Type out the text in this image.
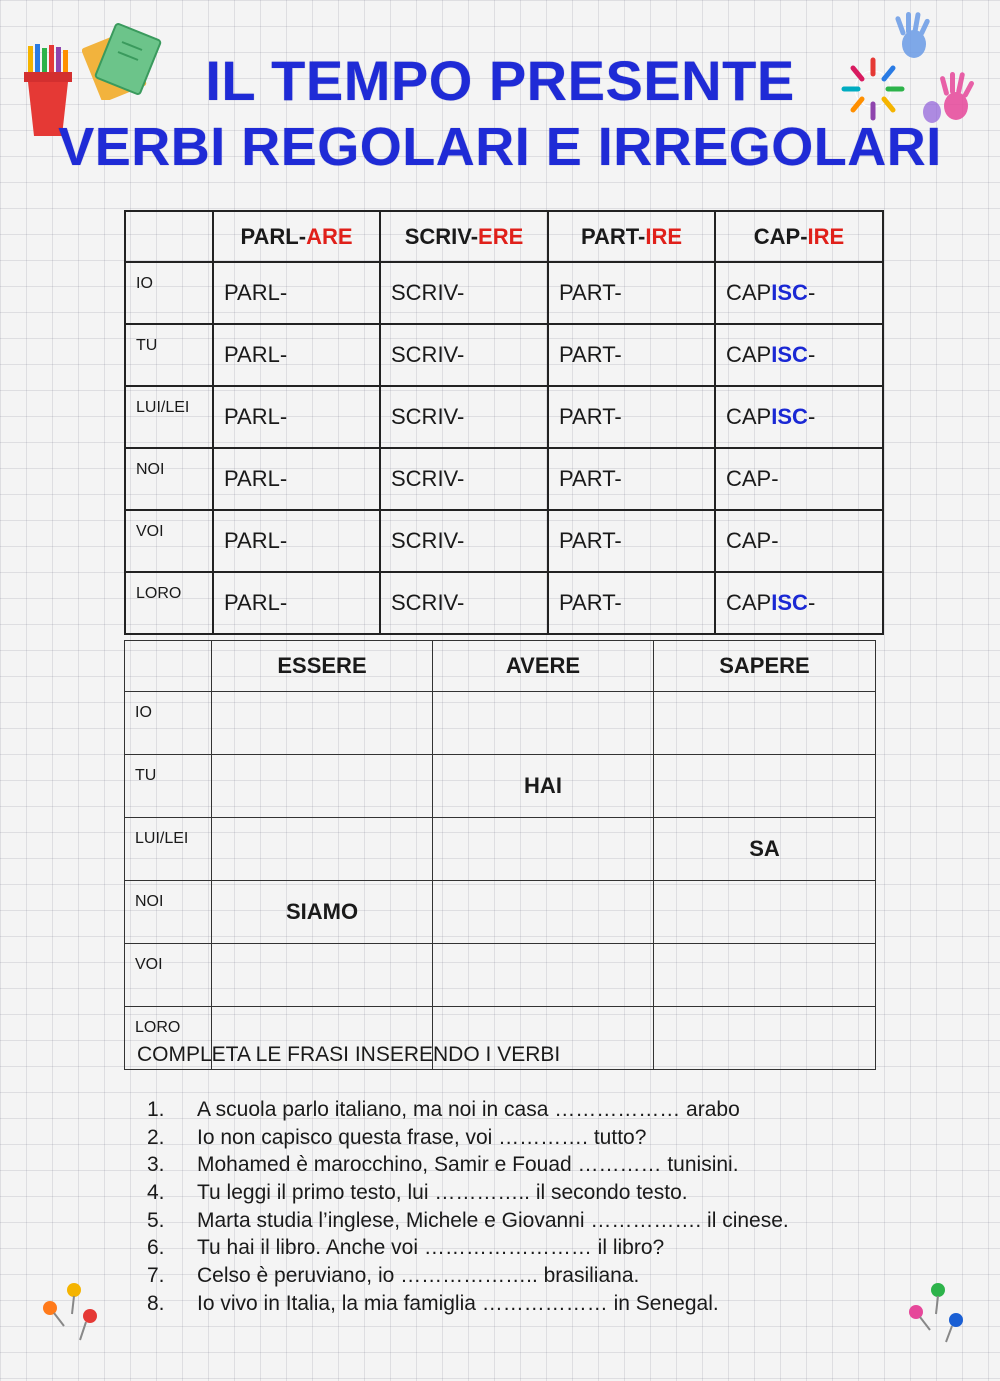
IL TEMPO PRESENTE
VERBI REGOLARI E IRREGOLARI
	PARL-ARE	SCRIV-ERE	PART-IRE	CAP-IRE
IO	PARL-	SCRIV-	PART-	CAPISC-
TU	PARL-	SCRIV-	PART-	CAPISC-
LUI/LEI	PARL-	SCRIV-	PART-	CAPISC-
NOI	PARL-	SCRIV-	PART-	CAP-
VOI	PARL-	SCRIV-	PART-	CAP-
LORO	PARL-	SCRIV-	PART-	CAPISC-
	ESSERE	AVERE	SAPERE
IO			
TU		HAI	
LUI/LEI			SA
NOI	SIAMO		
VOI			
LORO			

COMPLETA LE FRASI INSERENDO I VERBI

1. A scuola parlo italiano, ma noi in casa ……………… arabo
2. Io non capisco questa frase, voi …………. tutto?
3. Mohamed è marocchino, Samir e Fouad ………… tunisini.
4. Tu leggi il primo testo, lui ………….. il secondo testo.
5. Marta studia l’inglese, Michele e Giovanni ……………. il cinese.
6. Tu hai il libro. Anche voi …………………… il libro?
7. Celso è peruviano, io ……………….. brasiliana.
8. Io vivo in Italia, la mia famiglia ……………… in Senegal.
